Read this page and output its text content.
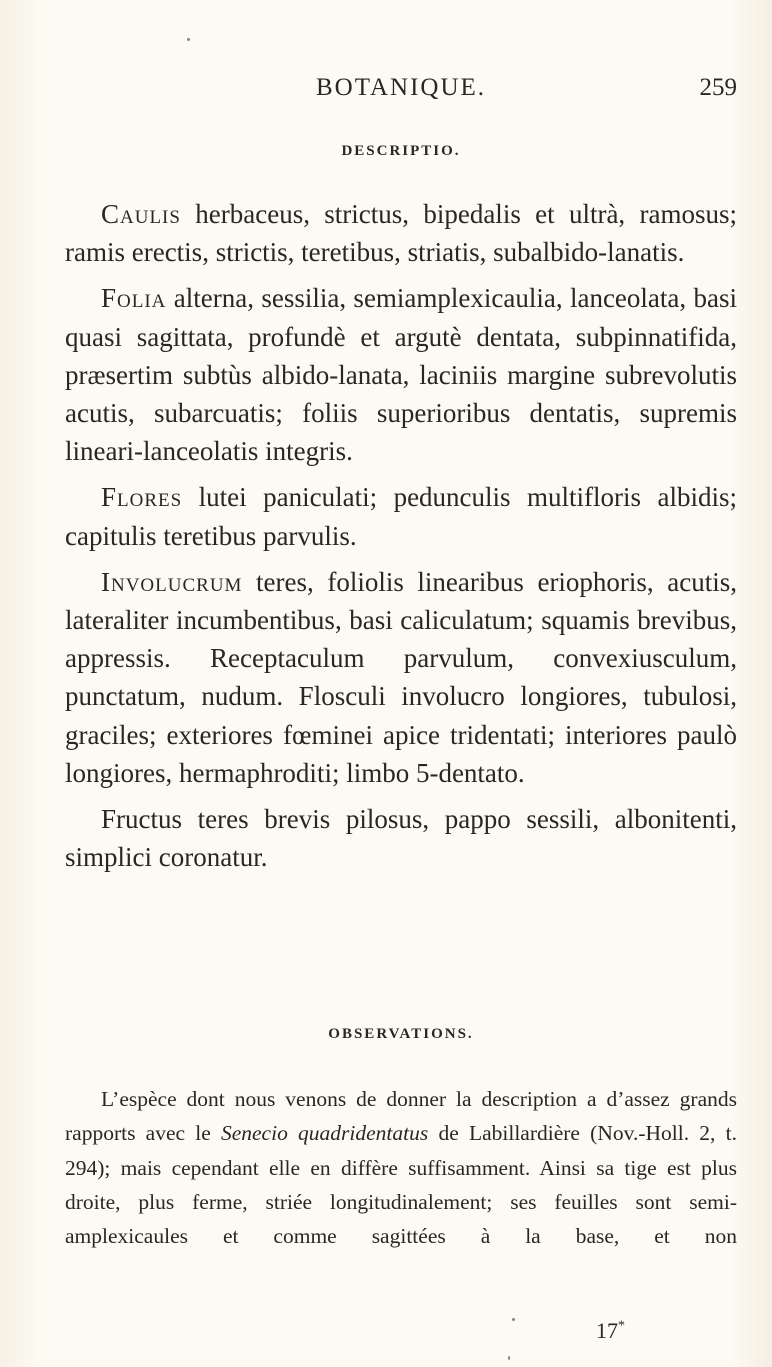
BOTANIQUE.	259
DESCRIPTIO.

Caulis herbaceus, strictus, bipedalis et ultrà, ramosus; ramis erectis, strictis, teretibus, striatis, subalbido-lanatis.

Folia alterna, sessilia, semiamplexicaulia, lanceolata, basi quasi sagittata, profundè et argutè dentata, subpinnatifida, præsertim subtùs albido-lanata, laciniis margine subrevolutis acutis, subarcuatis; foliis superioribus dentatis, supremis lineari-lanceolatis integris.

Flores lutei paniculati; pedunculis multifloris albidis; capitulis teretibus parvulis.

Involucrum teres, foliolis linearibus eriophoris, acutis, lateraliter incumbentibus, basi caliculatum; squamis brevibus, appressis. Receptaculum parvulum, convexiusculum, punctatum, nudum. Flosculi involucro longiores, tubulosi, graciles; exteriores fœminei apice tridentati; interiores paulò longiores, hermaphroditi; limbo 5-dentato.

Fructus teres brevis pilosus, pappo sessili, albonitenti, simplici coronatur.

OBSERVATIONS.

L’espèce dont nous venons de donner la description a d’assez grands rapports avec le Senecio quadridentatus de Labillardière (Nov.-Holl. 2, t. 294); mais cependant elle en diffère suffisamment. Ainsi sa tige est plus droite, plus ferme, striée longitudinalement; ses feuilles sont semi-amplexicaules et comme sagittées à la base, et non

17*
